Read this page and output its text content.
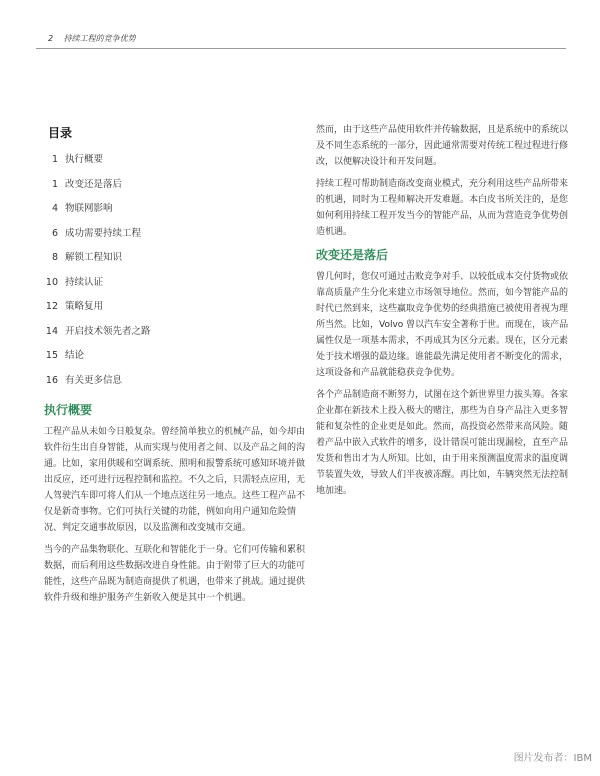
2 持续工程的竞争优势
目录
1 执行概要
1 改变还是落后
4 物联网影响
6 成功需要持续工程
8 解锁工程知识
10 持续认证
12 策略复用
14 开启技术领先者之路
15 结论
16 有关更多信息
执行概要

工程产品从未如今日般复杂。曾经简单独立的机械产品，如今却由软件衍生出自身智能，从而实现与使用者之间、以及产品之间的沟通。比如，家用供暖和空调系统、照明和报警系统可感知环境并做出反应，还可进行远程控制和监控。不久之后，只需轻点应用，无人驾驶汽车即可将人们从一个地点送往另一地点。这些工程产品不仅是新奇事物。它们可执行关键的功能，例如向用户通知危险情况、判定交通事故原因，以及监测和改变城市交通。

当今的产品集物联化、互联化和智能化于一身。它们可传输和累积数据，而后利用这些数据改进自身性能。由于附带了巨大的功能可能性，这些产品既为制造商提供了机遇，也带来了挑战。通过提供软件升级和维护服务产生新收入便是其中一个机遇。

然而，由于这些产品使用软件并传输数据，且是系统中的系统以及不同生态系统的一部分，因此通常需要对传统工程过程进行修改，以便解决设计和开发问题。

持续工程可帮助制造商改变商业模式，充分利用这些产品所带来的机遇，同时为工程师解决开发难题。本白皮书所关注的，是您如何利用持续工程开发当今的智能产品，从而为营造竞争优势创造机遇。

改变还是落后

曾几何时，您仅可通过击败竞争对手、以较低成本交付货物或依靠高质量产生分化来建立市场领导地位。然而，如今智能产品的时代已然到来，这些赢取竞争优势的经典措施已被使用者视为理所当然。比如，Volvo 曾以汽车安全著称于世。而现在，该产品属性仅是一项基本需求，不再成其为区分元素。现在，区分元素处于技术增强的最边缘。谁能最先满足使用者不断变化的需求，这项设备和产品就能稳获竞争优势。

各个产品制造商不断努力，试图在这个新世界里力拔头筹。各家企业都在新技术上投入极大的赌注，那些为自身产品注入更多智能和复杂性的企业更是如此。然而，高投资必然带来高风险。随着产品中嵌入式软件的增多，设计错误可能出现漏检，直至产品发货和售出才为人所知。比如，由于用来预测温度需求的温度调节装置失效，导致人们半夜被冻醒。再比如，车辆突然无法控制地加速。

图片发布者：IBM
